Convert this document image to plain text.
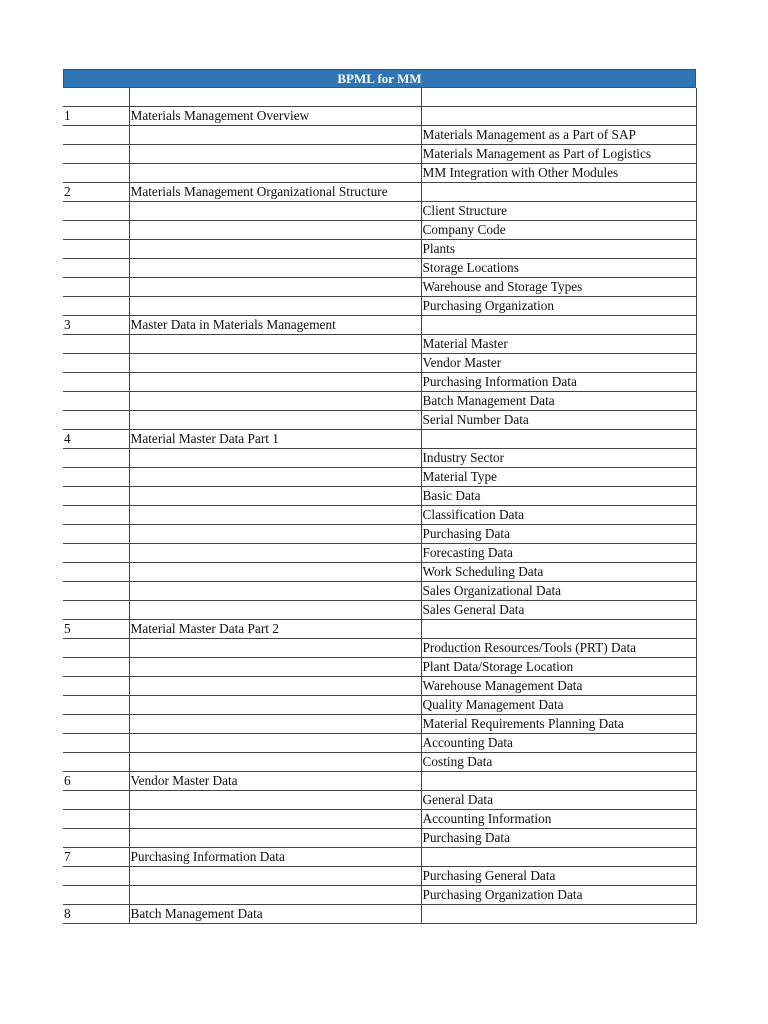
BPML for MM

1	Materials Management Overview	
		Materials Management as a Part of SAP
		Materials Management as Part of Logistics
		MM Integration with Other Modules
2	Materials Management Organizational Structure	
		Client Structure
		Company Code
		Plants
		Storage Locations
		Warehouse and Storage Types
		Purchasing Organization
3	Master Data in Materials Management	
		Material Master
		Vendor Master
		Purchasing Information Data
		Batch Management Data
		Serial Number Data
4	Material Master Data Part 1	
		Industry Sector
		Material Type
		Basic Data
		Classification Data
		Purchasing Data
		Forecasting Data
		Work Scheduling Data
		Sales Organizational Data
		Sales General Data
5	Material Master Data Part 2	
		Production Resources/Tools (PRT) Data
		Plant Data/Storage Location
		Warehouse Management Data
		Quality Management Data
		Material Requirements Planning Data
		Accounting Data
		Costing Data
6	Vendor Master Data	
		General Data
		Accounting Information
		Purchasing Data
7	Purchasing Information Data	
		Purchasing General Data
		Purchasing Organization Data
8	Batch Management Data	
